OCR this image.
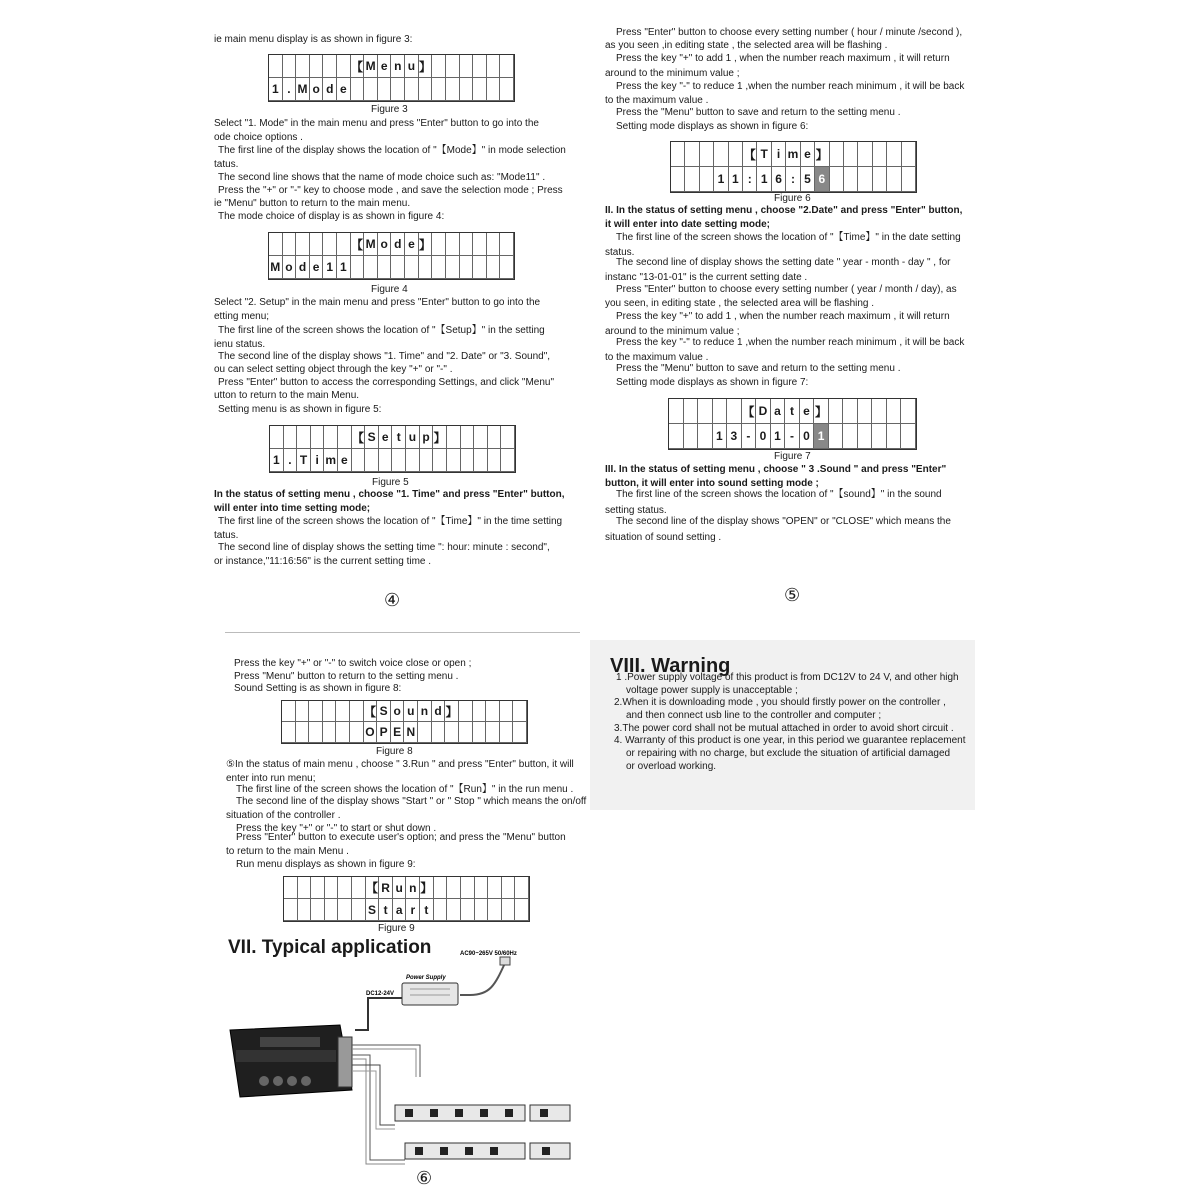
【 M e n u 】
1 . M o d e
Figure 3
【 M o d e 】
M o d e 1 1
Figure 4
【 S e t u p 】
1 . T i m e
Figure 5
④
【 T i m e 】
1 1 : 1 6 : 5 6
Figure 6
【 D a t e 】
1 3 - 0 1 - 0 1
Figure 7
⑤
【 S o u n d 】
O P E N
Figure 8
【 R u n 】
S t a r t
Figure 9
VII. Typical application	AC90~265V 50/60Hz
Power Supply
DC12-24V
⑥
VIII. Warning
ie main menu display is as shown in figure 3:
Select "1. Mode" in the main menu and press "Enter" button to go into the
ode choice options .
The first line of the display shows the location of "【Mode】" in mode selection
tatus.
The second line shows that the name of mode choice such as: "Mode11" .
Press the "+" or "-" key to choose mode , and save the selection mode ; Press
ie "Menu" button to return to the main menu.
The mode choice of display is as shown in figure 4:
Select "2. Setup" in the main menu and press "Enter" button to go into the
etting menu;
The first line of the screen shows the location of "【Setup】" in the setting
ienu status.
The second line of the display shows "1. Time" and "2. Date" or "3. Sound",
ou can select setting object through the key "+" or "-" .
Press "Enter" button to access the corresponding Settings, and click "Menu"
utton to return to the main Menu.
Setting menu is as shown in figure 5:
In the status of setting menu , choose "1. Time" and press "Enter" button,
will enter into time setting mode;
The first line of the screen shows the location of "【Time】" in the time setting
tatus.
The second line of display shows the setting time ": hour: minute : second",
or instance,"11:16:56" is the current setting time .
Press "Enter" button to choose every setting number ( hour / minute /second ),
as you seen ,in editing state , the selected area will be flashing .
Press the key "+" to add 1 , when the number reach maximum , it will return
around to the minimum value ;
Press the key "-" to reduce 1 ,when the number reach minimum , it will be back
to the maximum value .
Press the "Menu" button to save and return to the setting menu .
Setting mode displays as shown in figure 6:
II. In the status of setting menu , choose "2.Date" and press "Enter" button,
it will enter into date setting mode;
The first line of the screen shows the location of "【Time】" in the date setting
status.
The second line of display shows the setting date " year - month - day " , for
instanc "13-01-01" is the current setting date .
Press "Enter" button to choose every setting number ( year / month / day), as
you seen, in editing state , the selected area will be flashing .
Press the key "+" to add 1 , when the number reach maximum , it will return
around to the minimum value ;
Press the key "-" to reduce 1 ,when the number reach minimum , it will be back
to the maximum value .
Press the "Menu" button to save and return to the setting menu .
Setting mode displays as shown in figure 7:
III. In the status of setting menu , choose " 3 .Sound " and press "Enter"
button, it will enter into sound setting mode ;
The first line of the screen shows the location of "【sound】" in the sound
setting status.
The second line of the display shows "OPEN" or "CLOSE" which means the
situation of sound setting .
Press the key "+" or "-" to switch voice close or open ;
Press "Menu" button to return to the setting menu .
Sound Setting is as shown in figure 8:
⑤In the status of main menu , choose " 3.Run " and press "Enter" button, it will
enter into run menu;
The first line of the screen shows the location of "【Run】" in the run menu .
The second line of the display shows "Start " or " Stop " which means the on/off
situation of the controller .
Press the key "+" or "-" to start or shut down .
Press "Enter" button to execute user's option; and press the "Menu" button
to return to the main Menu .
Run menu displays as shown in figure 9:
1 .Power supply voltage of this product is from DC12V to 24 V, and other high
voltage power supply is unacceptable ;
2.When it is downloading mode , you should firstly power on the controller ,
and then connect usb line to the controller and computer ;
3.The power cord shall not be mutual attached in order to avoid short circuit .
4. Warranty of this product is one year, in this period we guarantee replacement
or repairing with no charge, but exclude the situation of artificial damaged
or overload working.
